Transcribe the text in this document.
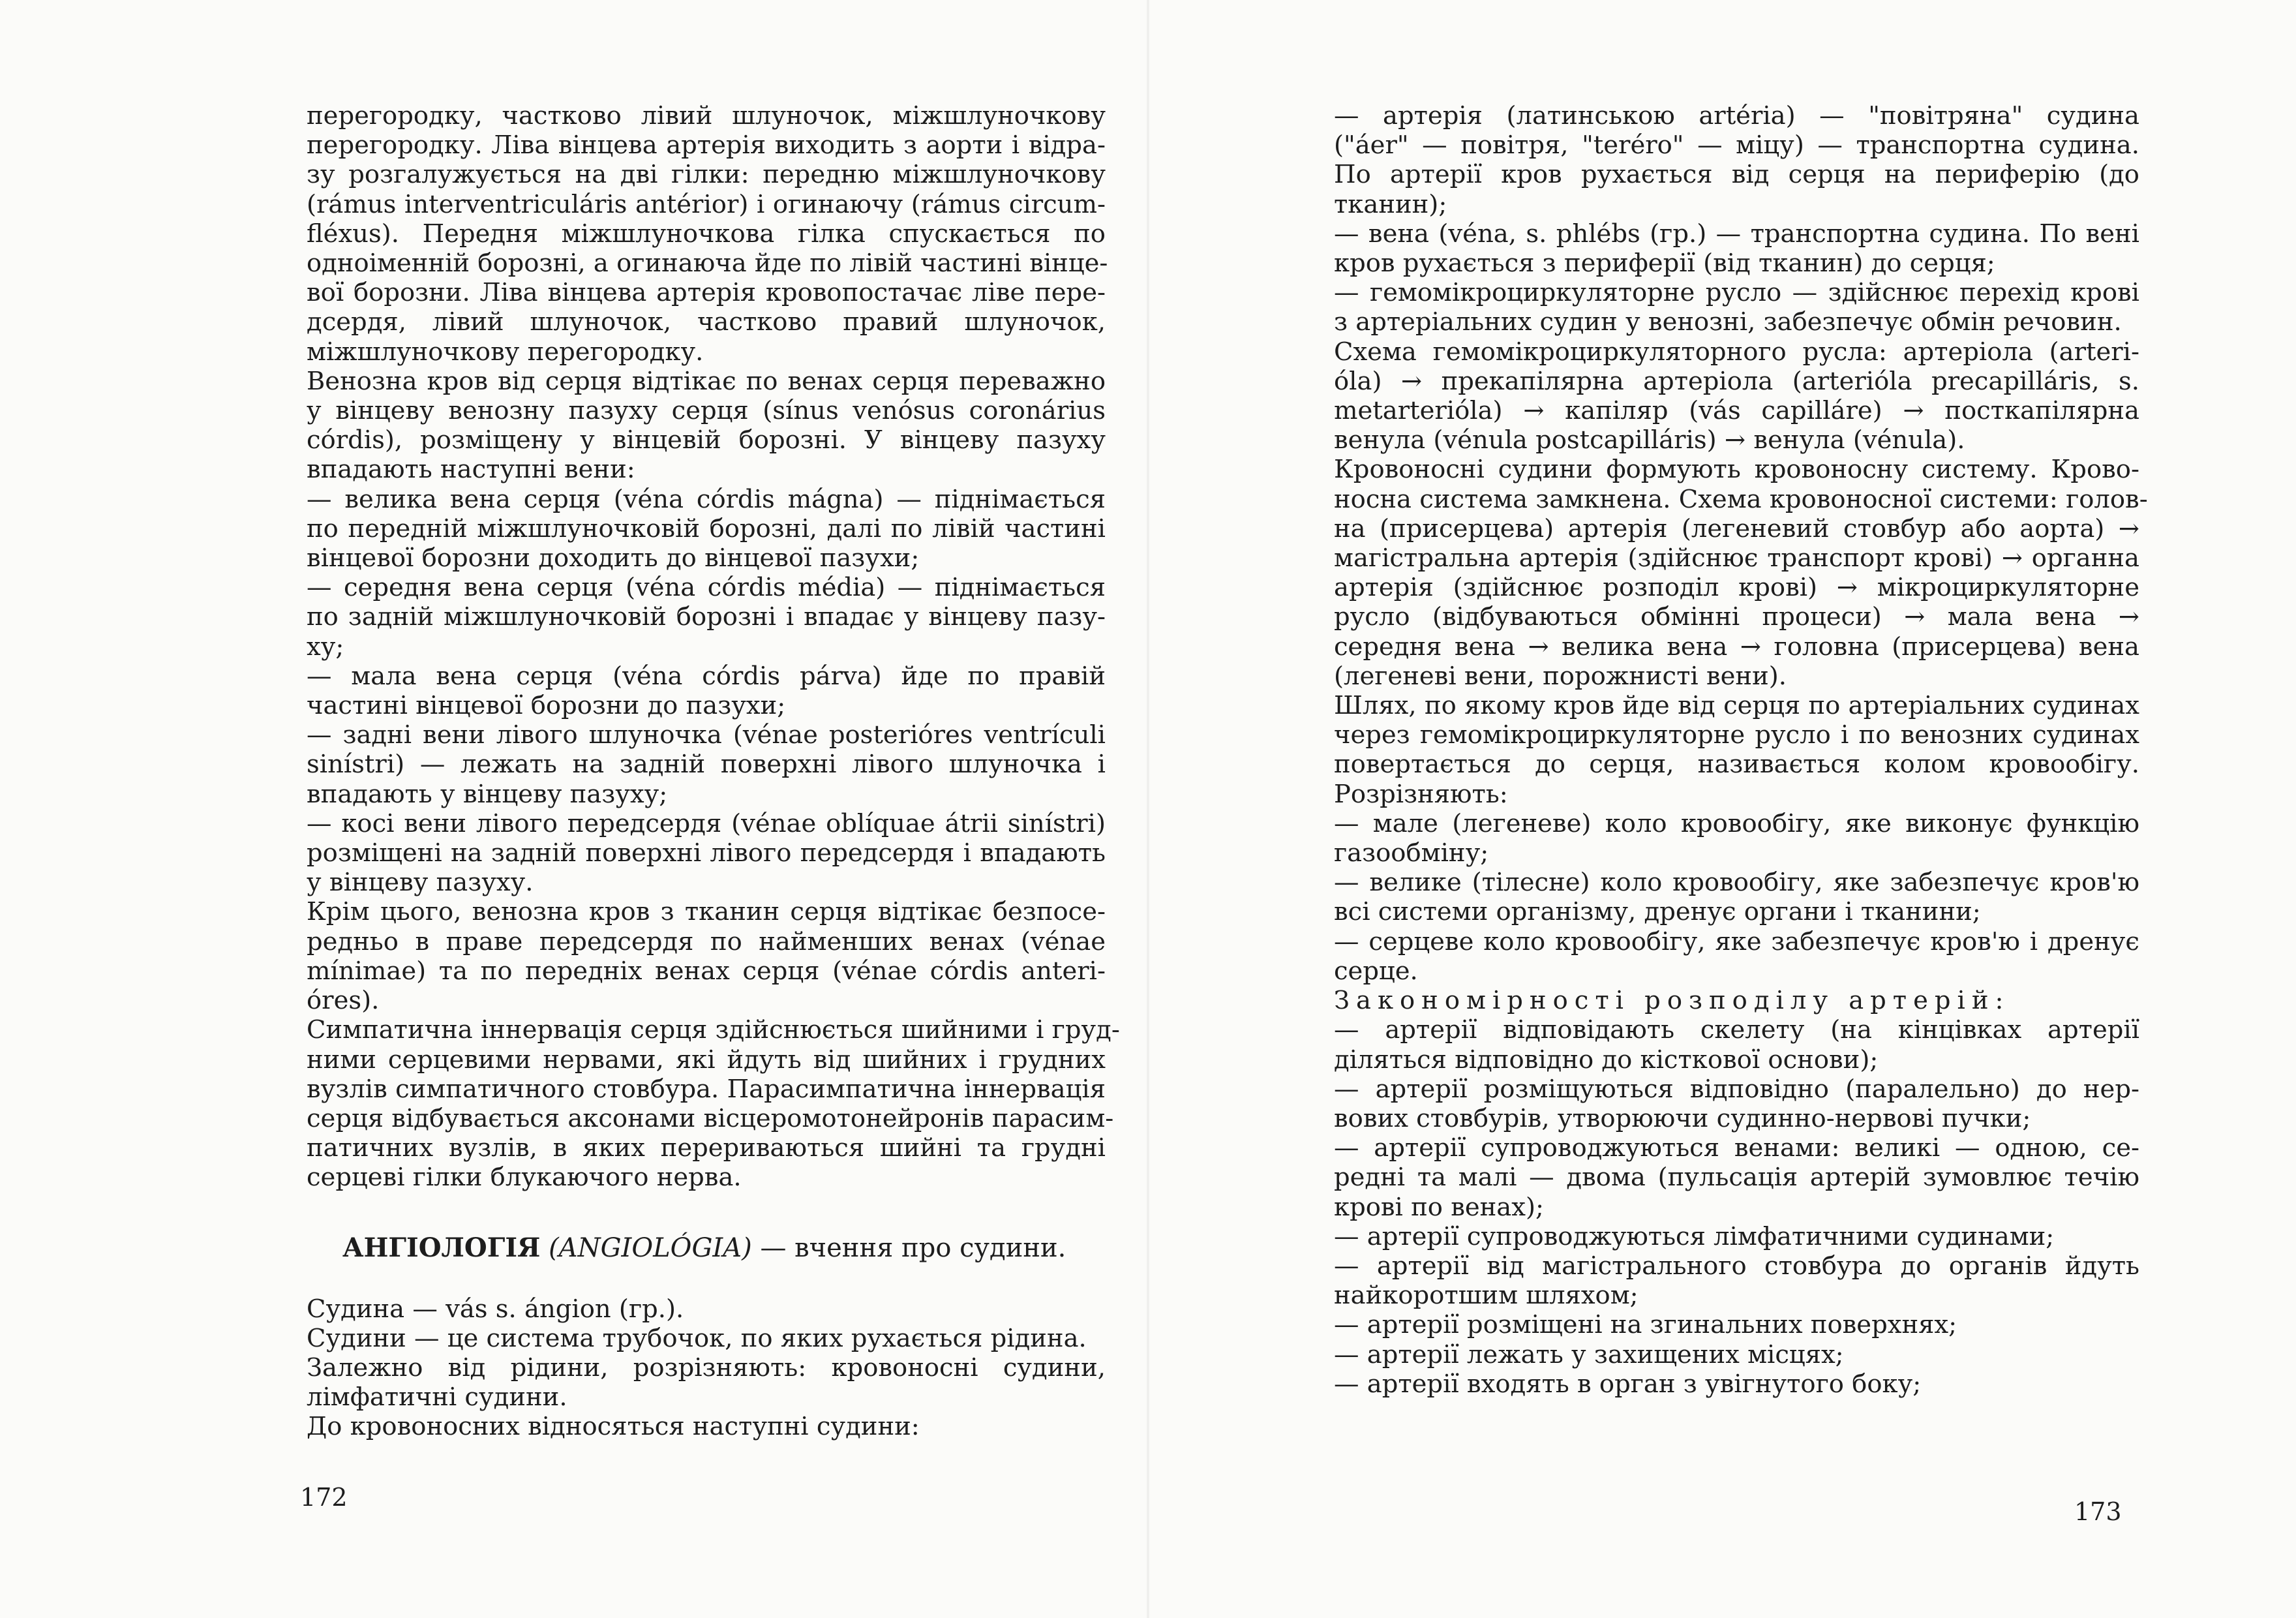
перегородку, частково лівий шлуночок, міжшлуночкову
перегородку. Ліва вінцева артерія виходить з аорти і відра-
зу розгалужується на дві гілки: передню міжшлуночкову
(rámus interventriculáris antérior) і огинаючу (rámus circum-
fléxus). Передня міжшлуночкова гілка спускається по
одноіменній борозні, а огинаюча йде по лівій частині вінце-
вої борозни. Ліва вінцева артерія кровопостачає ліве пере-
дсердя, лівий шлуночок, частково правий шлуночок,
міжшлуночкову перегородку.
Венозна кров від серця відтікає по венах серця переважно
у вінцеву венозну пазуху серця (sínus venósus coronárius
córdis), розміщену у вінцевій борозні. У вінцеву пазуху
впадають наступні вени:
— велика вена серця (véna córdis mágna) — піднімається
по передній міжшлуночковій борозні, далі по лівій частині
вінцевої борозни доходить до вінцевої пазухи;
— середня вена серця (véna córdis média) — піднімається
по задній міжшлуночковій борозні і впадає у вінцеву пазу-
ху;
— мала вена серця (véna córdis párva) йде по правій
частині вінцевої борозни до пазухи;
— задні вени лівого шлуночка (vénae posterióres ventrículi
sinístri) — лежать на задній поверхні лівого шлуночка і
впадають у вінцеву пазуху;
— косі вени лівого передсердя (vénae oblíquae átrii sinístri)
розміщені на задній поверхні лівого передсердя і впадають
у вінцеву пазуху.
Крім цього, венозна кров з тканин серця відтікає безпосе-
редньо в праве передсердя по найменших венах (vénae
mínimae) та по передніх венах серця (vénae córdis anteri-
óres).
Симпатична іннервація серця здійснюється шийними і груд-
ними серцевими нервами, які йдуть від шийних і грудних
вузлів симпатичного стовбура. Парасимпатична іннервація
серця відбувається аксонами вісцеромотонейронів парасим-
патичних вузлів, в яких перериваються шийні та грудні
серцеві гілки блукаючого нерва.
АНГІОЛОГІЯ (ANGIOLÓGIA) — вчення про судини.
Судина — vás s. ángion (гр.).
Судини — це система трубочок, по яких рухається рідина.
Залежно від рідини, розрізняють: кровоносні судини,
лімфатичні судини.
До кровоносних відносяться наступні судини:
— артерія (латинською artéria) — "повітряна" судина
("áer" — повітря, "teréro" — міцу) — транспортна судина.
По артерії кров рухається від серця на периферію (до
тканин);
— вена (véna, s. phlébs (гр.) — транспортна судина. По вені
кров рухається з периферії (від тканин) до серця;
— гемомікроциркуляторне русло — здійснює перехід крові
з артеріальних судин у венозні, забезпечує обмін речовин.
Схема гемомікроциркуляторного русла: артеріола (arteri-
óla) → прекапілярна артеріола (arterióla precapilláris, s.
metarterióla) → капіляр (vás capilláre) → посткапілярна
венула (vénula postcapilláris) → венула (vénula).
Кровоносні судини формують кровоносну систему. Крово-
носна система замкнена. Схема кровоносної системи: голов-
на (присерцева) артерія (легеневий стовбур або аорта) →
магістральна артерія (здійснює транспорт крові) → органна
артерія (здійснює розподіл крові) → мікроциркуляторне
русло (відбуваються обмінні процеси) → мала вена →
середня вена → велика вена → головна (присерцева) вена
(легеневі вени, порожнисті вени).
Шлях, по якому кров йде від серця по артеріальних судинах
через гемомікроциркуляторне русло і по венозних судинах
повертається до серця, називається колом кровообігу.
Розрізняють:
— мале (легеневе) коло кровообігу, яке виконує функцію
газообміну;
— велике (тілесне) коло кровообігу, яке забезпечує кров'ю
всі системи організму, дренує органи і тканини;
— серцеве коло кровообігу, яке забезпечує кров'ю і дренує
серце.
Закономірності розподілу артерій:
— артерії відповідають скелету (на кінцівках артерії
діляться відповідно до кісткової основи);
— артерії розміщуються відповідно (паралельно) до нер-
вових стовбурів, утворюючи судинно-нервові пучки;
— артерії супроводжуються венами: великі — одною, се-
редні та малі — двома (пульсація артерій зумовлює течію
крові по венах);
— артерії супроводжуються лімфатичними судинами;
— артерії від магістрального стовбура до органів йдуть
найкоротшим шляхом;
— артерії розміщені на згинальних поверхнях;
— артерії лежать у захищених місцях;
— артерії входять в орган з увігнутого боку;
172	173
